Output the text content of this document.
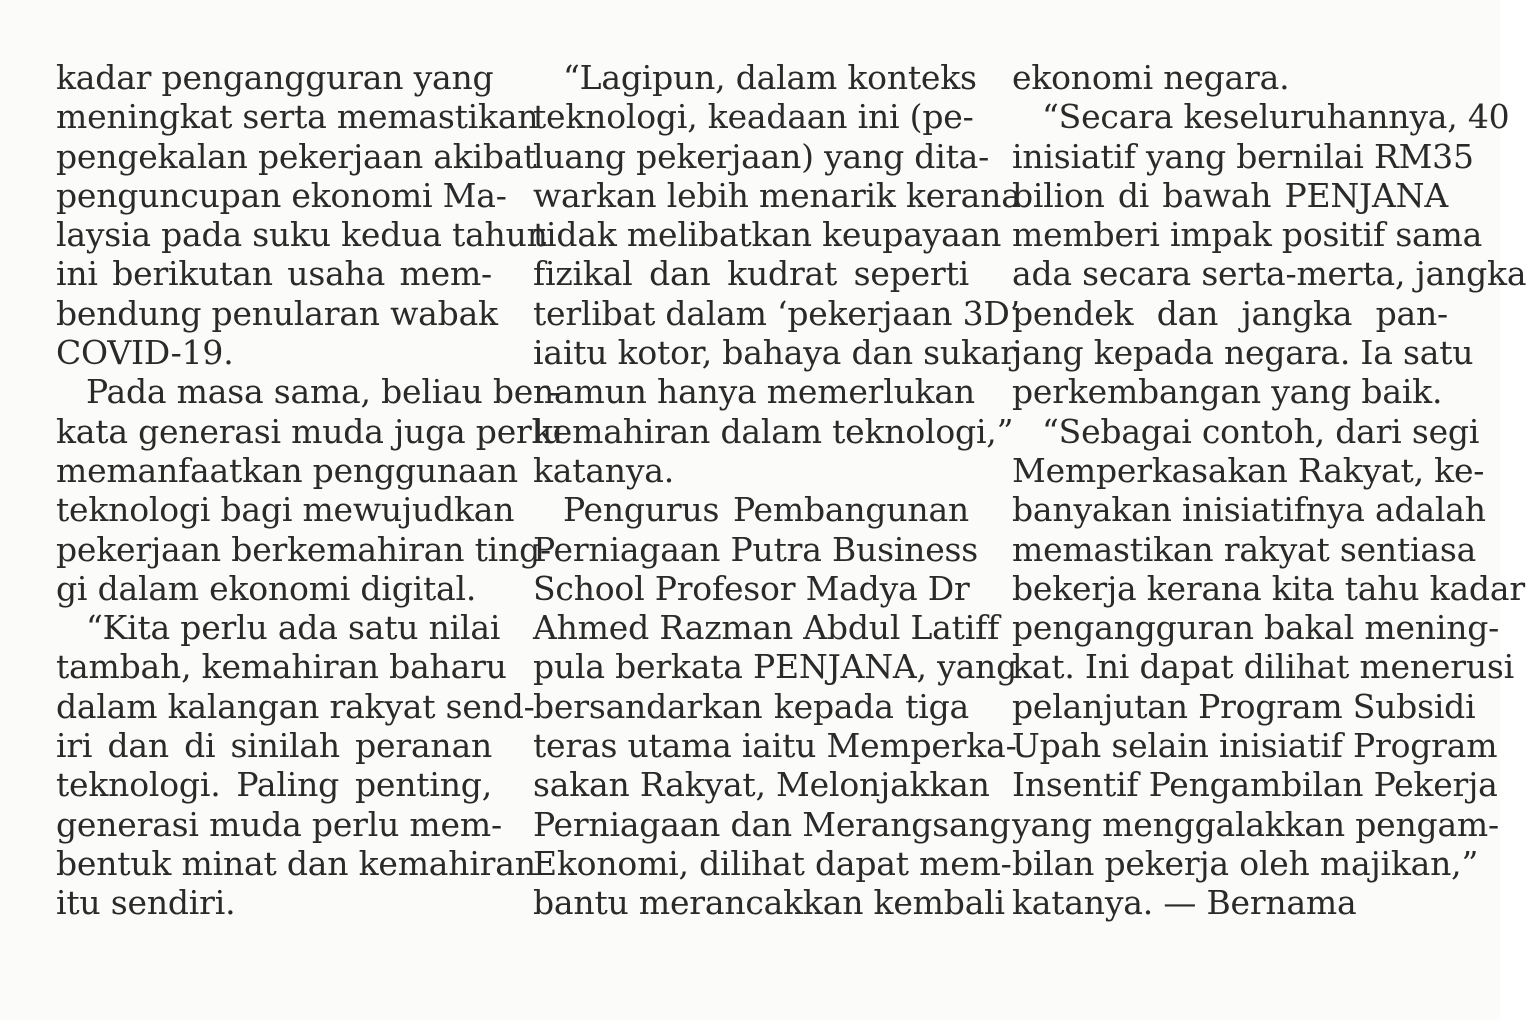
kadar pengangguran yang
meningkat serta memastikan
pengekalan pekerjaan akibat
penguncupan ekonomi Ma-
laysia pada suku kedua tahun
ini berikutan usaha mem-
bendung penularan wabak
COVID-19.
Pada masa sama, beliau ber-
kata generasi muda juga perlu
memanfaatkan penggunaan
teknologi bagi mewujudkan
pekerjaan berkemahiran ting-
gi dalam ekonomi digital.
“Kita perlu ada satu nilai
tambah, kemahiran baharu
dalam kalangan rakyat send-
iri dan di sinilah peranan
teknologi. Paling penting,
generasi muda perlu mem-
bentuk minat dan kemahiran
itu sendiri.
“Lagipun, dalam konteks
teknologi, keadaan ini (pe-
luang pekerjaan) yang dita-
warkan lebih menarik kerana
tidak melibatkan keupayaan
fizikal dan kudrat seperti
terlibat dalam ‘pekerjaan 3D’
iaitu kotor, bahaya dan sukar
namun hanya memerlukan
kemahiran dalam teknologi,”
katanya.
Pengurus Pembangunan
Perniagaan Putra Business
School Profesor Madya Dr
Ahmed Razman Abdul Latiff
pula berkata PENJANA, yang
bersandarkan kepada tiga
teras utama iaitu Memperka-
sakan Rakyat, Melonjakkan
Perniagaan dan Merangsang
Ekonomi, dilihat dapat mem-
bantu merancakkan kembali
ekonomi negara.
“Secara keseluruhannya, 40
inisiatif yang bernilai RM35
bilion di bawah PENJANA
memberi impak positif sama
ada secara serta-merta, jangka
pendek dan jangka pan-
jang kepada negara. Ia satu
perkembangan yang baik.
“Sebagai contoh, dari segi
Memperkasakan Rakyat, ke-
banyakan inisiatifnya adalah
memastikan rakyat sentiasa
bekerja kerana kita tahu kadar
pengangguran bakal mening-
kat. Ini dapat dilihat menerusi
pelanjutan Program Subsidi
Upah selain inisiatif Program
Insentif Pengambilan Pekerja
yang menggalakkan pengam-
bilan pekerja oleh majikan,”
katanya. — Bernama
